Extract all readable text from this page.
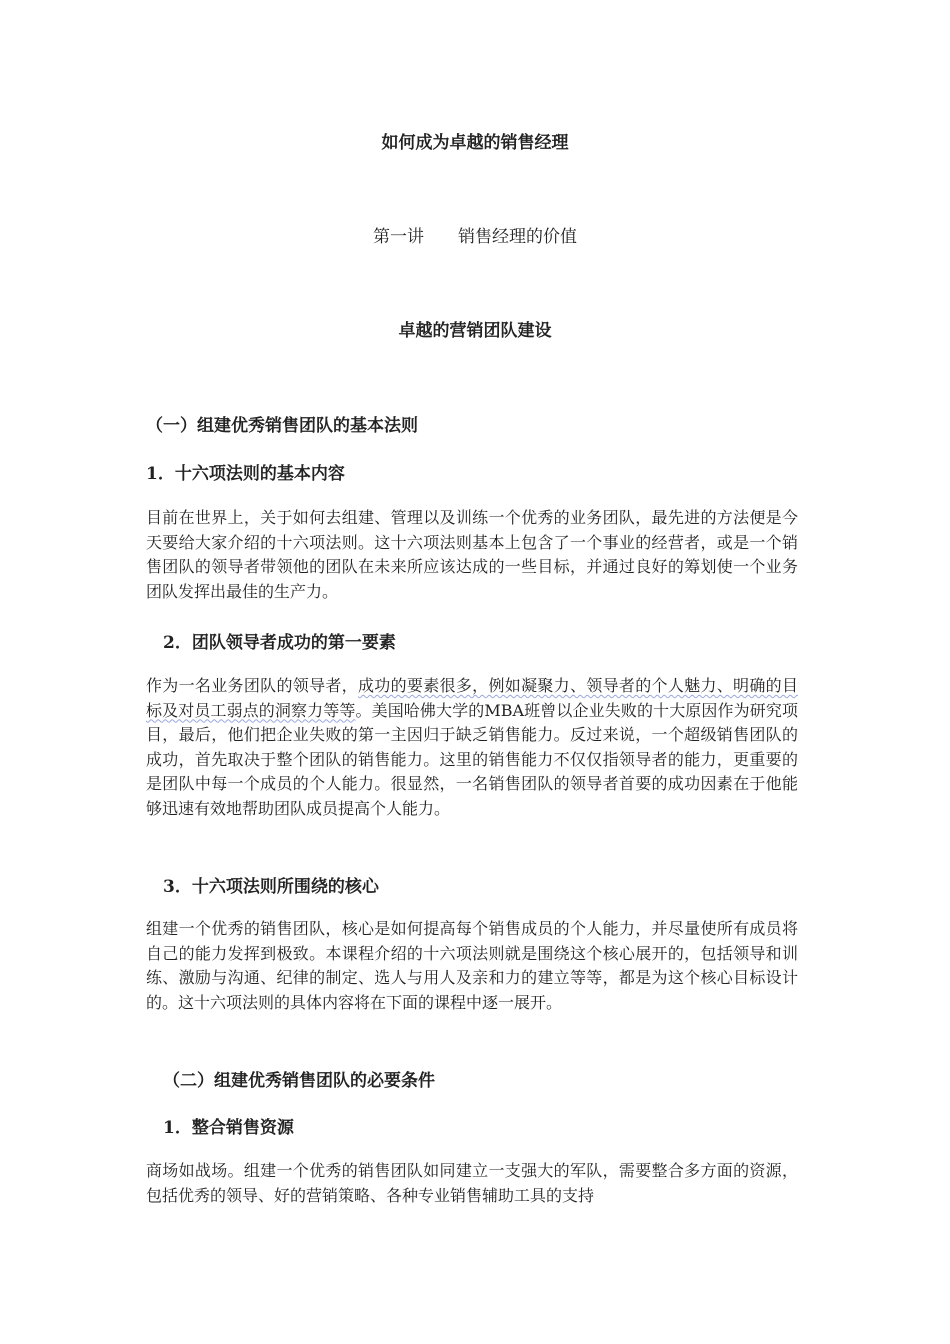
如何成为卓越的销售经理

第一讲　　销售经理的价值

卓越的营销团队建设
（一）组建优秀销售团队的基本法则
1．十六项法则的基本内容

目前在世界上，关于如何去组建、管理以及训练一个优秀的业务团队，最先进的方法便是今天要给大家介绍的十六项法则。这十六项法则基本上包含了一个事业的经营者，或是一个销售团队的领导者带领他的团队在未来所应该达成的一些目标，并通过良好的筹划使一个业务团队发挥出最佳的生产力。

2．团队领导者成功的第一要素

作为一名业务团队的领导者，成功的要素很多，例如凝聚力、领导者的个人魅力、明确的目标及对员工弱点的洞察力等等。美国哈佛大学的MBA班曾以企业失败的十大原因作为研究项目，最后，他们把企业失败的第一主因归于缺乏销售能力。反过来说，一个超级销售团队的成功，首先取决于整个团队的销售能力。这里的销售能力不仅仅指领导者的能力，更重要的是团队中每一个成员的个人能力。很显然，一名销售团队的领导者首要的成功因素在于他能够迅速有效地帮助团队成员提高个人能力。

3．十六项法则所围绕的核心

组建一个优秀的销售团队，核心是如何提高每个销售成员的个人能力，并尽量使所有成员将自己的能力发挥到极致。本课程介绍的十六项法则就是围绕这个核心展开的，包括领导和训练、激励与沟通、纪律的制定、选人与用人及亲和力的建立等等，都是为这个核心目标设计的。这十六项法则的具体内容将在下面的课程中逐一展开。

（二）组建优秀销售团队的必要条件
1．整合销售资源

商场如战场。组建一个优秀的销售团队如同建立一支强大的军队，需要整合多方面的资源，包括优秀的领导、好的营销策略、各种专业销售辅助工具的支持
